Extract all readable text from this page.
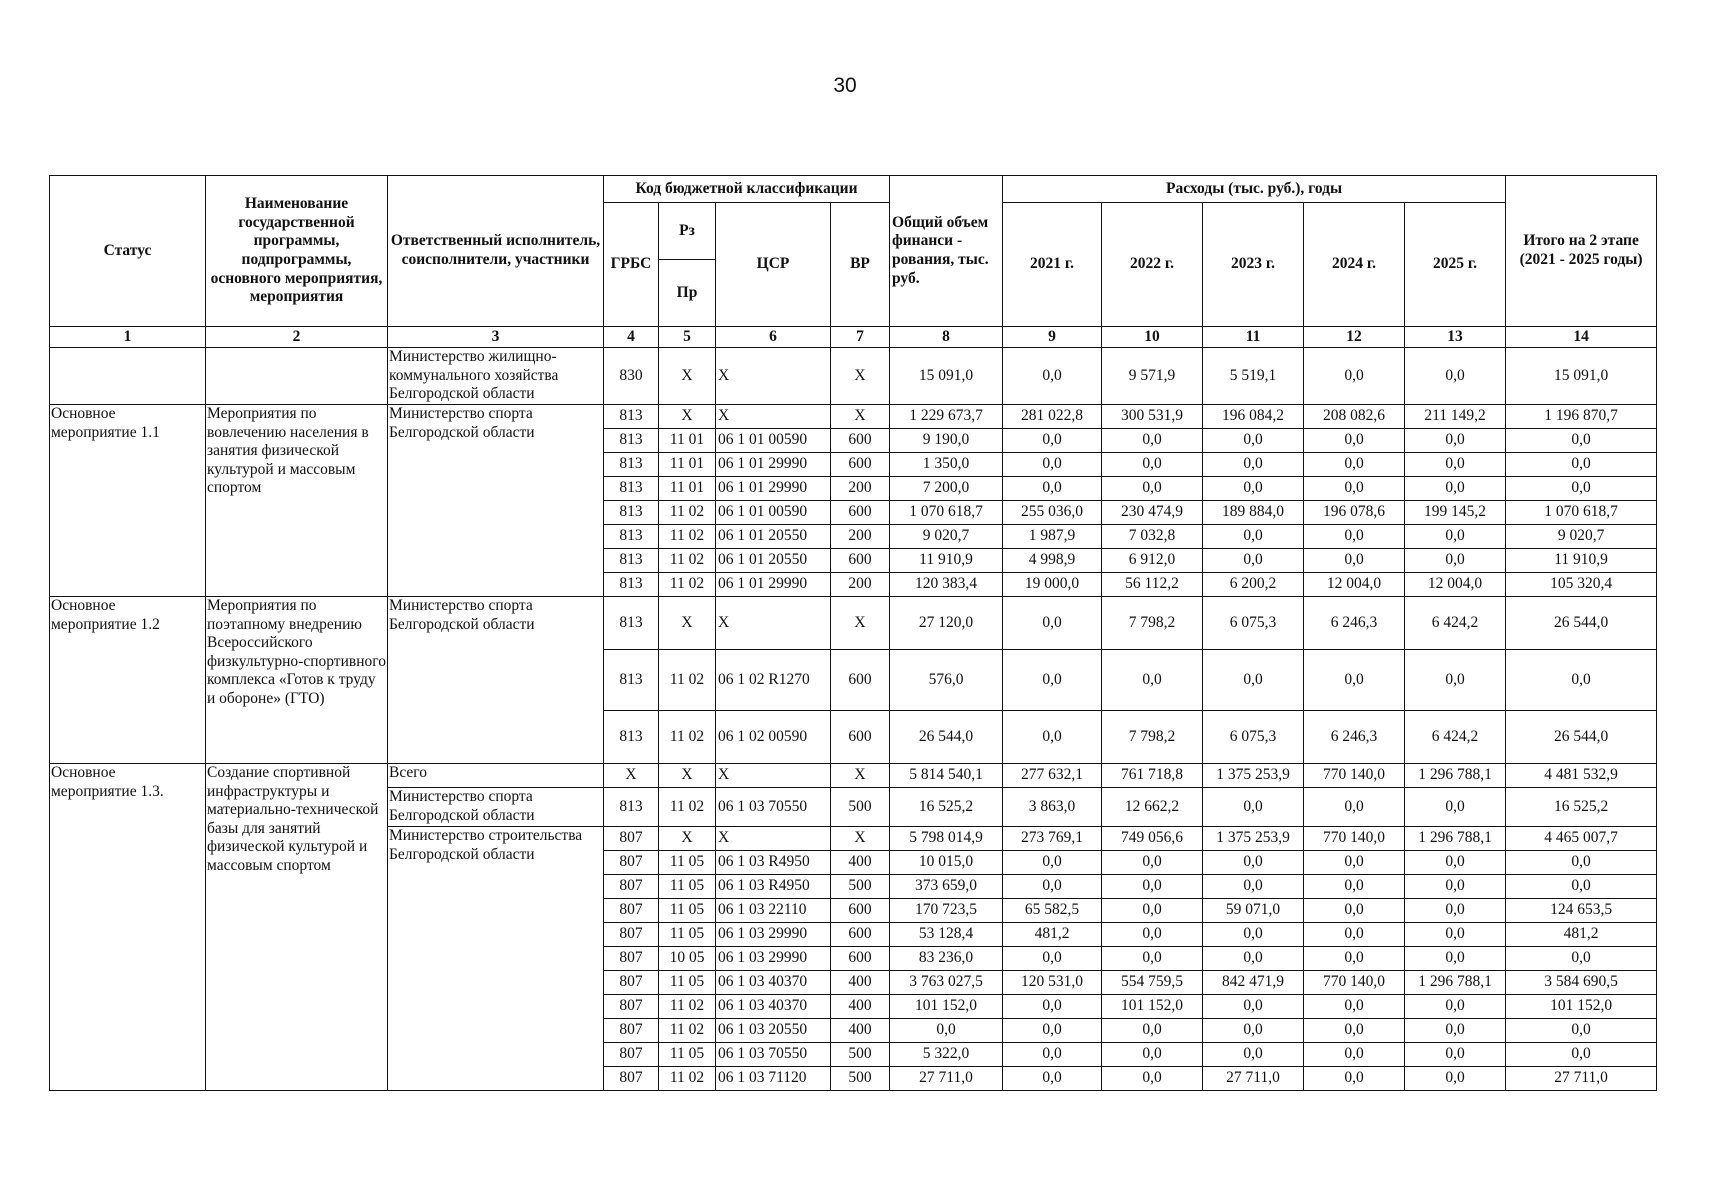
30
Статус	Наименование государственной программы, подпрограммы, основного мероприятия, мероприятия	Ответственный исполнитель, соисполнители, участники	Код бюджетной классификации				Общий объем финанси - рования, тыс. руб.	Расходы (тыс. руб.), годы					Итого на 2 этапе (2021 - 2025 годы)
			ГРБС	Рз	ЦСР	ВР		2021 г.	2022 г.	2023 г.	2024 г.	2025 г.	
				Пр									
1	2	3	4	5	6	7	8	9	10	11	12	13	14
		Министерство жилищно-коммунального хозяйства Белгородской области	830	Х	Х	Х	15 091,0	0,0	9 571,9	5 519,1	0,0	0,0	15 091,0
Основное мероприятие 1.1	Мероприятия по вовлечению населения в занятия физической культурой и массовым спортом	Министерство спорта Белгородской области	813	Х	Х	Х	1 229 673,7	281 022,8	300 531,9	196 084,2	208 082,6	211 149,2	1 196 870,7
			813	11 01	06 1 01 00590	600	9 190,0	0,0	0,0	0,0	0,0	0,0	0,0
			813	11 01	06 1 01 29990	600	1 350,0	0,0	0,0	0,0	0,0	0,0	0,0
			813	11 01	06 1 01 29990	200	7 200,0	0,0	0,0	0,0	0,0	0,0	0,0
			813	11 02	06 1 01 00590	600	1 070 618,7	255 036,0	230 474,9	189 884,0	196 078,6	199 145,2	1 070 618,7
			813	11 02	06 1 01 20550	200	9 020,7	1 987,9	7 032,8	0,0	0,0	0,0	9 020,7
			813	11 02	06 1 01 20550	600	11 910,9	4 998,9	6 912,0	0,0	0,0	0,0	11 910,9
			813	11 02	06 1 01 29990	200	120 383,4	19 000,0	56 112,2	6 200,2	12 004,0	12 004,0	105 320,4
Основное мероприятие 1.2	Мероприятия по поэтапному внедрению Всероссийского физкультурно-спортивного комплекса «Готов к труду и обороне» (ГТО)	Министерство спорта Белгородской области	813	Х	Х	Х	27 120,0	0,0	7 798,2	6 075,3	6 246,3	6 424,2	26 544,0
			813	11 02	06 1 02 R1270	600	576,0	0,0	0,0	0,0	0,0	0,0	0,0
			813	11 02	06 1 02 00590	600	26 544,0	0,0	7 798,2	6 075,3	6 246,3	6 424,2	26 544,0
Основное мероприятие 1.3.	Создание спортивной инфраструктуры и материально-технической базы для занятий физической культурой и массовым спортом	Всего	Х	Х	Х	Х	5 814 540,1	277 632,1	761 718,8	1 375 253,9	770 140,0	1 296 788,1	4 481 532,9
		Министерство спорта Белгородской области	813	11 02	06 1 03 70550	500	16 525,2	3 863,0	12 662,2	0,0	0,0	0,0	16 525,2
		Министерство строительства Белгородской области	807	Х	Х	Х	5 798 014,9	273 769,1	749 056,6	1 375 253,9	770 140,0	1 296 788,1	4 465 007,7
			807	11 05	06 1 03 R4950	400	10 015,0	0,0	0,0	0,0	0,0	0,0	0,0
			807	11 05	06 1 03 R4950	500	373 659,0	0,0	0,0	0,0	0,0	0,0	0,0
			807	11 05	06 1 03 22110	600	170 723,5	65 582,5	0,0	59 071,0	0,0	0,0	124 653,5
			807	11 05	06 1 03 29990	600	53 128,4	481,2	0,0	0,0	0,0	0,0	481,2
			807	10 05	06 1 03 29990	600	83 236,0	0,0	0,0	0,0	0,0	0,0	0,0
			807	11 05	06 1 03 40370	400	3 763 027,5	120 531,0	554 759,5	842 471,9	770 140,0	1 296 788,1	3 584 690,5
			807	11 02	06 1 03 40370	400	101 152,0	0,0	101 152,0	0,0	0,0	0,0	101 152,0
			807	11 02	06 1 03 20550	400	0,0	0,0	0,0	0,0	0,0	0,0	0,0
			807	11 05	06 1 03 70550	500	5 322,0	0,0	0,0	0,0	0,0	0,0	0,0
			807	11 02	06 1 03 71120	500	27 711,0	0,0	0,0	27 711,0	0,0	0,0	27 711,0
